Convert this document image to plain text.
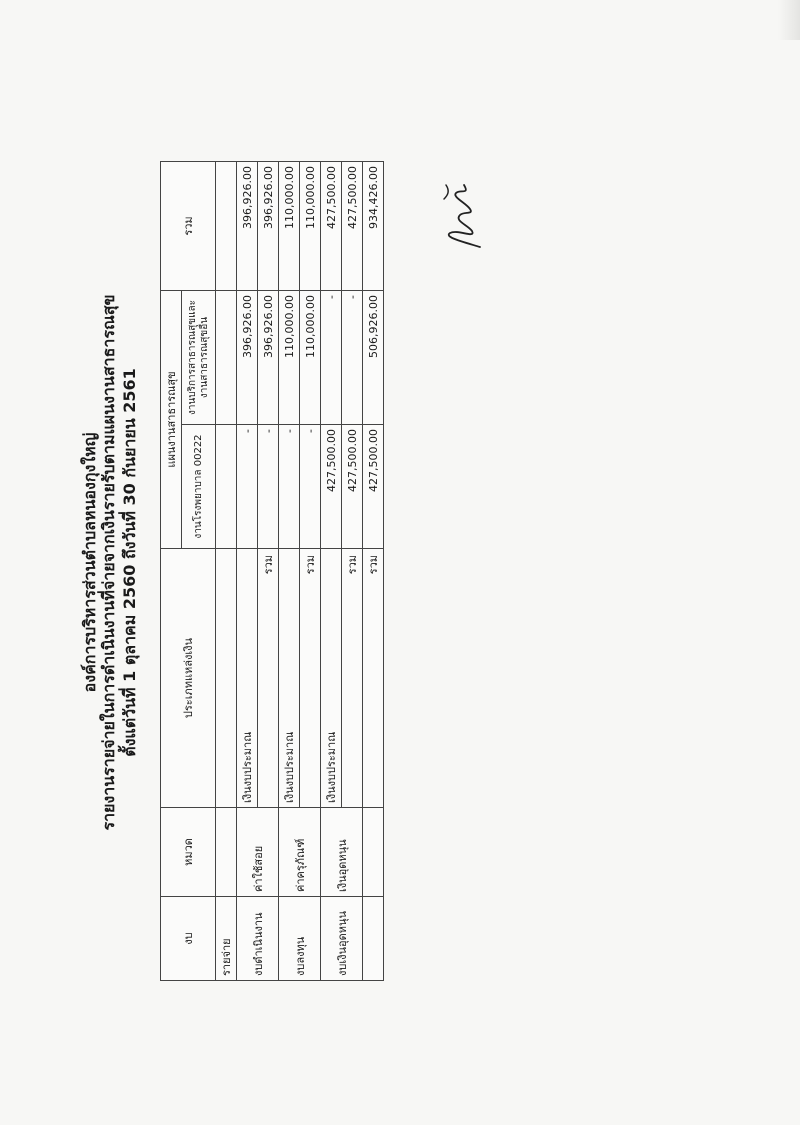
องค์การบริหารส่วนตำบลหนองกุงใหญ่ รายงานรายจ่ายในการดำเนินงานที่จ่ายจากเงินรายรับตามแผนงานสาธารณสุข ตั้งแต่วันที่ 1 ตุลาคม 2560 ถึงวันที่ 30 กันยายน 2561
งบ	หมวด	ประเภทแหล่งเงิน		แผนงานสาธารณสุข		รวม
				งานโรงพยาบาล 00222	งานบริการสาธารณสุขและงานสาธารณสุขอื่น	
รายจ่าย						
งบดำเนินงาน	ค่าใช้สอย	เงินงบประมาณ		-	396,926.00	396,926.00
			รวม	-	396,926.00	396,926.00
งบลงทุน	ค่าครุภัณฑ์	เงินงบประมาณ		-	110,000.00	110,000.00
			รวม	-	110,000.00	110,000.00
งบเงินอุดหนุน	เงินอุดหนุน	เงินงบประมาณ		427,500.00	-	427,500.00
			รวม	427,500.00	-	427,500.00
			รวม	427,500.00	506,926.00	934,426.00
